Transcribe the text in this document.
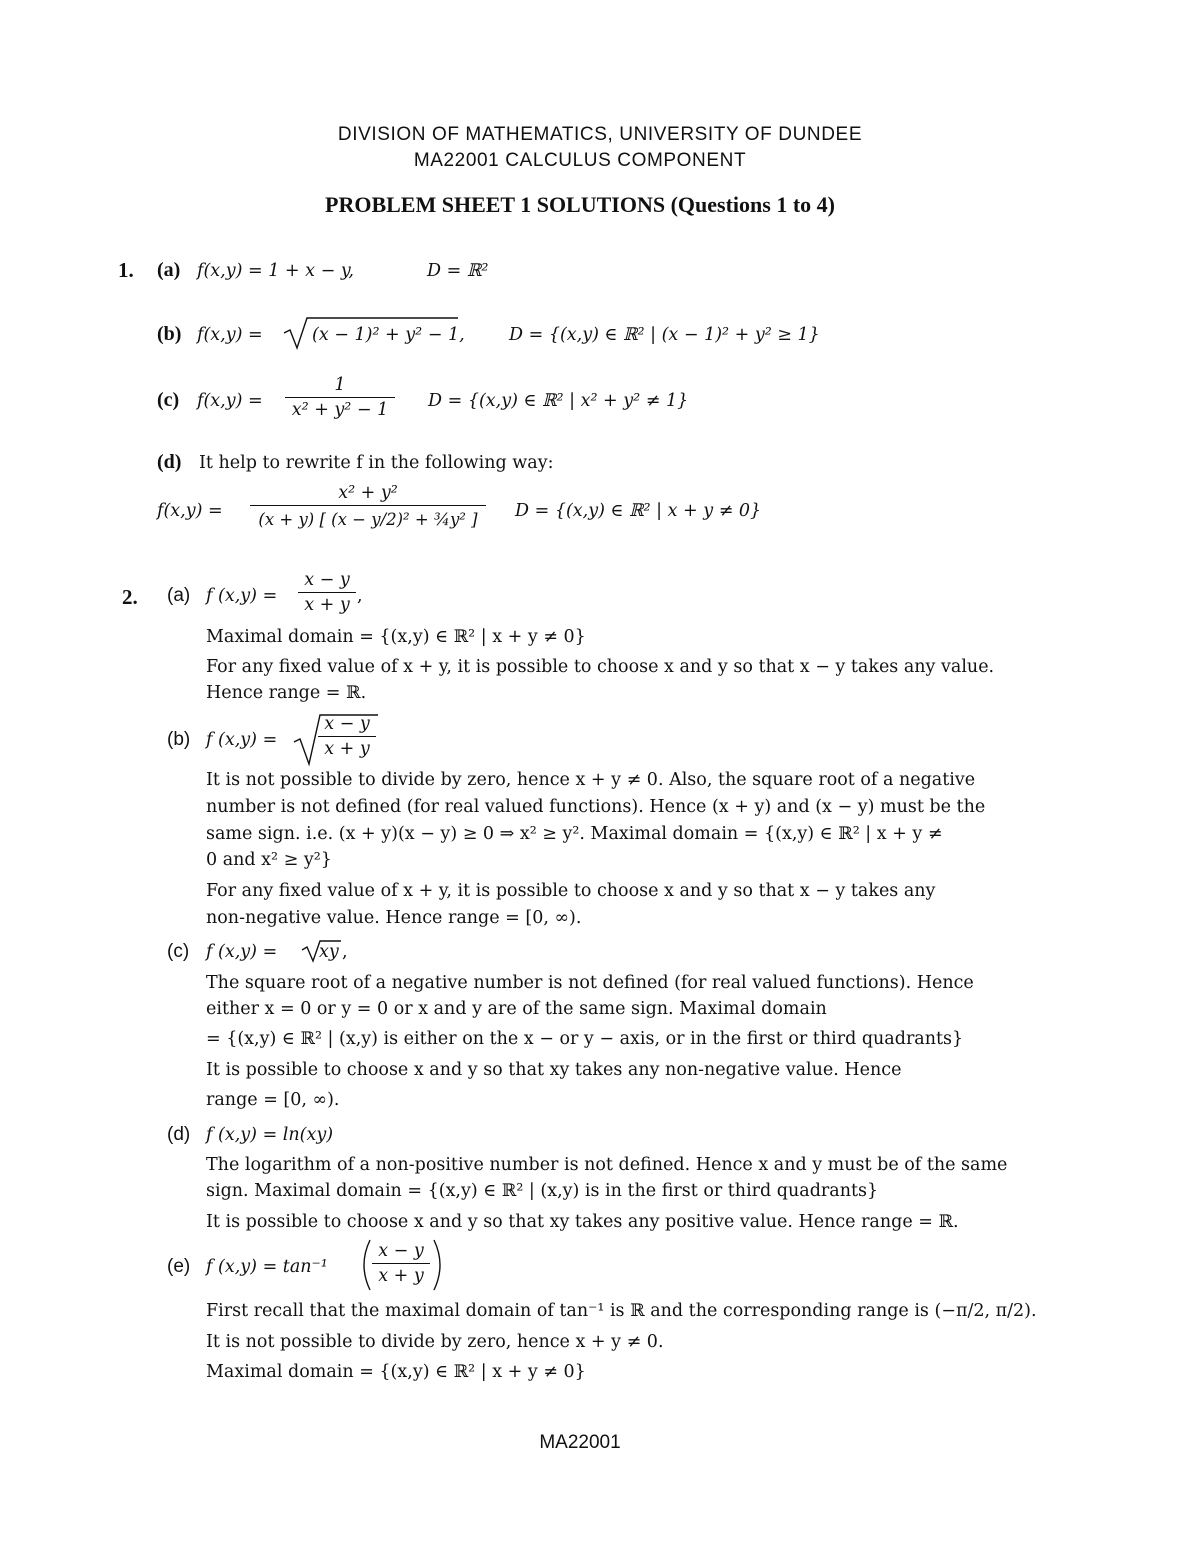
DIVISION OF MATHEMATICS, UNIVERSITY OF DUNDEE
MA22001 CALCULUS COMPONENT
PROBLEM SHEET 1 SOLUTIONS (Questions 1 to 4)
1. (a) f(x,y) = 1 + x − y,	D = ℝ²
(b) f(x,y) =	(x − 1)² + y² − 1,	D = {(x,y) ∈ ℝ² | (x − 1)² + y² ≥ 1}
(c) f(x,y) =
1
x² + y² − 1	D = {(x,y) ∈ ℝ² | x² + y² ≠ 1}
(d) It help to rewrite f in the following way:
f(x,y) =
x² + y²
(x + y) [ (x − y/2)² + ¾y² ]	D = {(x,y) ∈ ℝ² | x + y ≠ 0}
2. (a) f (x,y) =
x − y
x + y ,
Maximal domain = {(x,y) ∈ ℝ² | x + y ≠ 0}
For any fixed value of x + y, it is possible to choose x and y so that x − y takes any value.
Hence range = ℝ.
(b) f (x,y) =
x − y
x + y
It is not possible to divide by zero, hence x + y ≠ 0. Also, the square root of a negative
number is not defined (for real valued functions). Hence (x + y) and (x − y) must be the
same sign. i.e. (x + y)(x − y) ≥ 0 ⇒ x² ≥ y². Maximal domain = {(x,y) ∈ ℝ² | x + y ≠
0 and x² ≥ y²}
For any fixed value of x + y, it is possible to choose x and y so that x − y takes any
non-negative value. Hence range = [0, ∞).
(c) f (x,y) = xy ,
The square root of a negative number is not defined (for real valued functions). Hence
either x = 0 or y = 0 or x and y are of the same sign. Maximal domain
= {(x,y) ∈ ℝ² | (x,y) is either on the x − or y − axis, or in the first or third quadrants}
It is possible to choose x and y so that xy takes any non-negative value. Hence
range = [0, ∞).
(d) f (x,y) = ln(xy)
The logarithm of a non-positive number is not defined. Hence x and y must be of the same
sign. Maximal domain = {(x,y) ∈ ℝ² | (x,y) is in the first or third quadrants}
It is possible to choose x and y so that xy takes any positive value. Hence range = ℝ.
(e) f (x,y) = tan⁻¹
x − y
x + y
First recall that the maximal domain of tan⁻¹ is ℝ and the corresponding range is (−π/2, π/2).
It is not possible to divide by zero, hence x + y ≠ 0.
Maximal domain = {(x,y) ∈ ℝ² | x + y ≠ 0}
MA22001
